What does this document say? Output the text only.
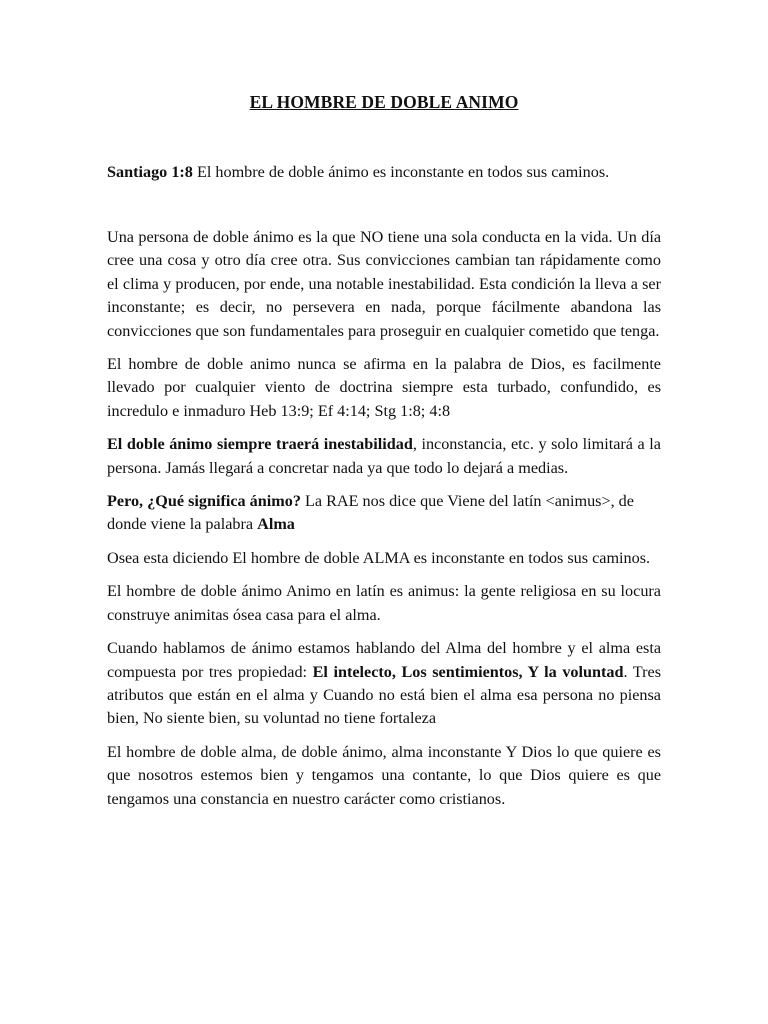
EL HOMBRE DE DOBLE ANIMO
Santiago 1:8 El hombre de doble ánimo es inconstante en todos sus caminos.

Una persona de doble ánimo es la que NO tiene una sola conducta en la vida. Un día cree una cosa y otro día cree otra. Sus convicciones cambian tan rápidamente como el clima y producen, por ende, una notable inestabilidad. Esta condición la lleva a ser inconstante; es decir, no persevera en nada, porque fácilmente abandona las convicciones que son fundamentales para proseguir en cualquier cometido que tenga.

El hombre de doble animo nunca se afirma en la palabra de Dios, es facilmente llevado por cualquier viento de doctrina siempre esta turbado, confundido, es incredulo e inmaduro Heb 13:9; Ef 4:14; Stg 1:8; 4:8

El doble ánimo siempre traerá inestabilidad, inconstancia, etc. y solo limitará a la persona. Jamás llegará a concretar nada ya que todo lo dejará a medias.

Pero, ¿Qué significa ánimo? La RAE nos dice que Viene del latín <animus>, de donde viene la palabra Alma

Osea esta diciendo El hombre de doble ALMA es inconstante en todos sus caminos.

El hombre de doble ánimo Animo en latín es animus: la gente religiosa en su locura construye animitas ósea casa para el alma.

Cuando hablamos de ánimo estamos hablando del Alma del hombre y el alma esta compuesta por tres propiedad: El intelecto, Los sentimientos, Y la voluntad. Tres atributos que están en el alma y Cuando no está bien el alma esa persona no piensa bien, No siente bien, su voluntad no tiene fortaleza

El hombre de doble alma, de doble ánimo, alma inconstante Y Dios lo que quiere es que nosotros estemos bien y tengamos una contante, lo que Dios quiere es que tengamos una constancia en nuestro carácter como cristianos.
